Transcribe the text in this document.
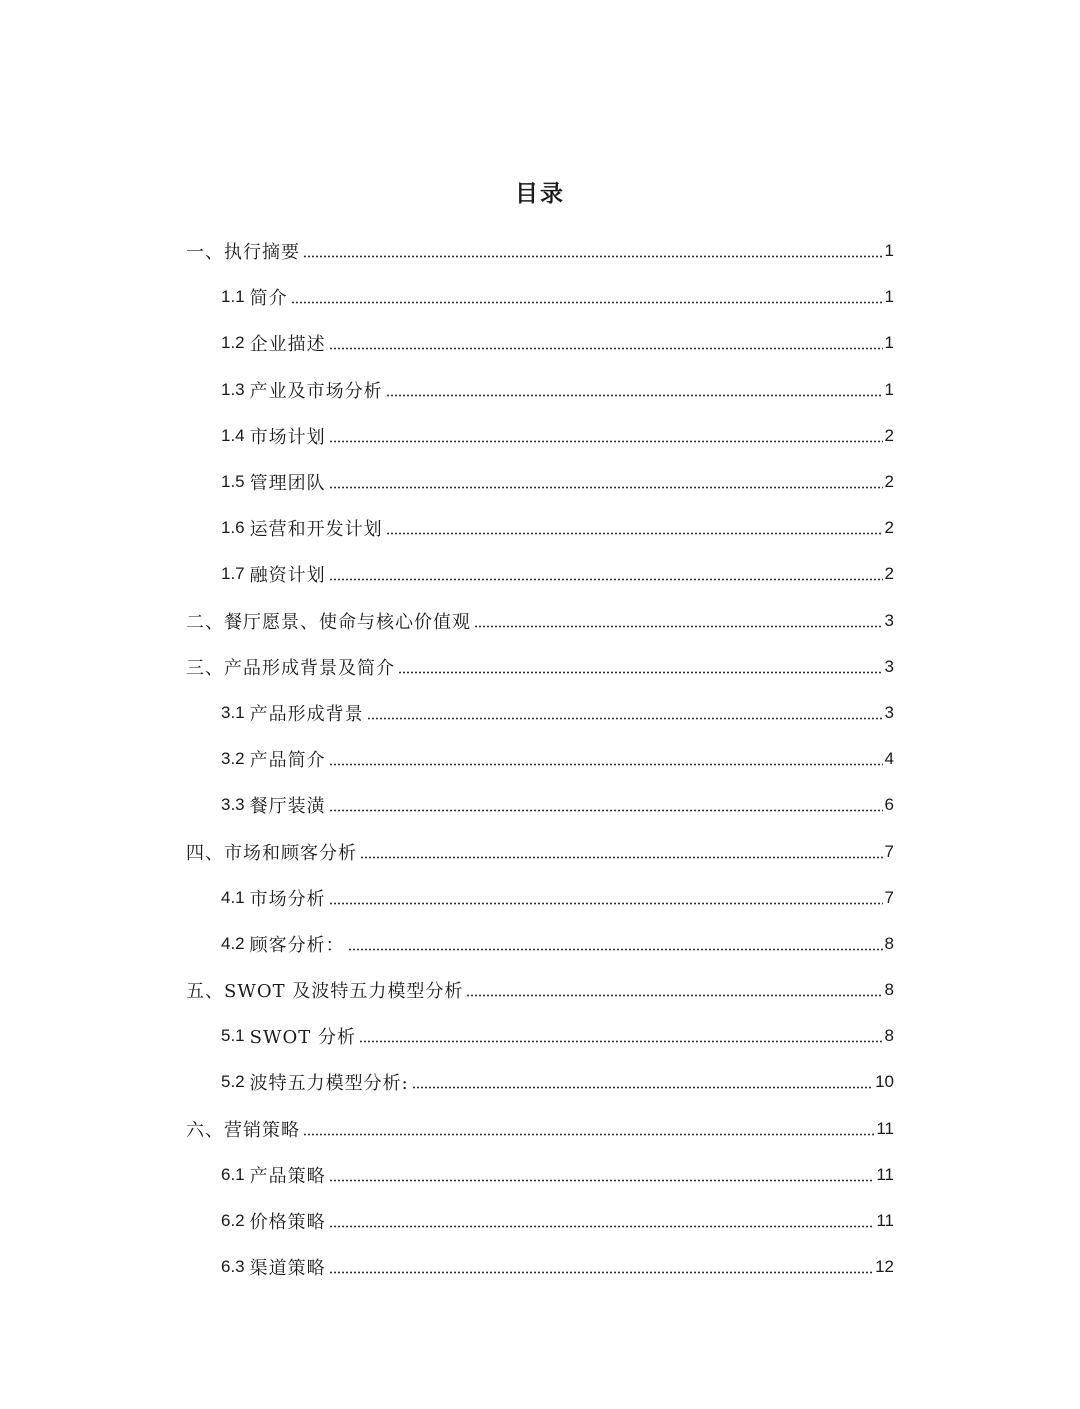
目录
一、执行摘要	1
1.1 简介	1
1.2 企业描述	1
1.3 产业及市场分析	1
1.4 市场计划	2
1.5 管理团队	2
1.6 运营和开发计划	2
1.7 融资计划	2
二、餐厅愿景、使命与核心价值观	3
三、产品形成背景及简介	3
3.1 产品形成背景	3
3.2 产品简介	4
3.3 餐厅装潢	6
四、市场和顾客分析	7
4.1 市场分析	7
4.2 顾客分析：	8
五、SWOT 及波特五力模型分析	8
5.1 SWOT 分析	8
5.2 波特五力模型分析:	10
六、营销策略	11
6.1 产品策略	11
6.2 价格策略	11
6.3 渠道策略	12
